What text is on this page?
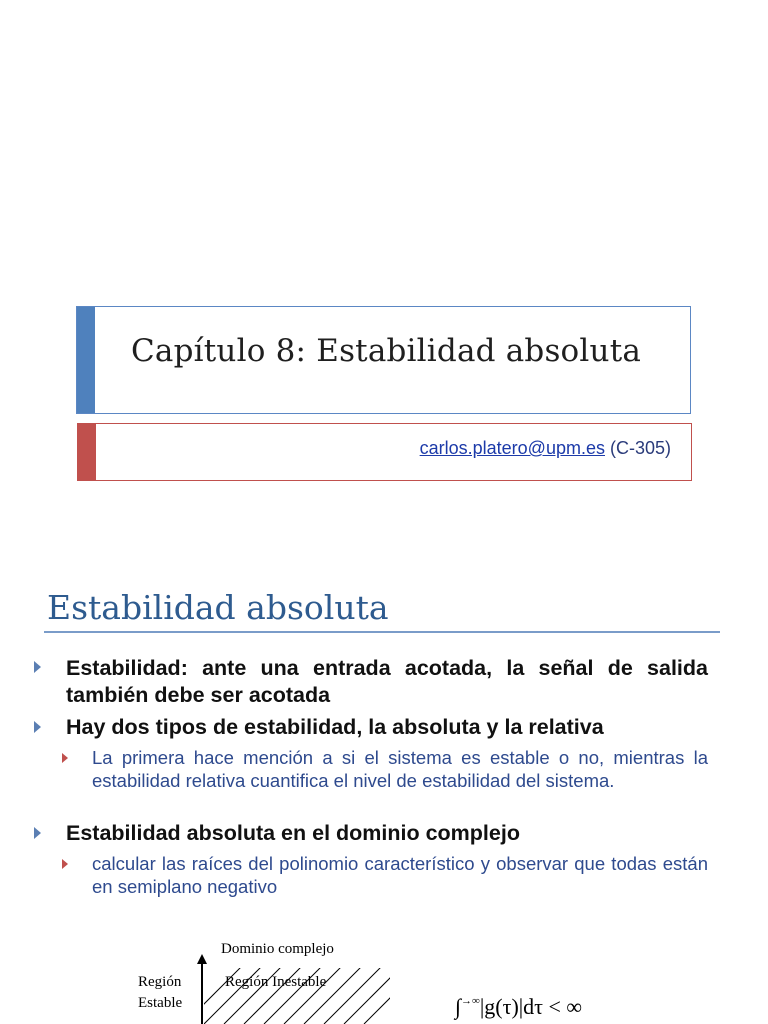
Capítulo 8: Estabilidad absoluta
carlos.platero@upm.es (C-305)
Estabilidad absoluta
Estabilidad: ante una entrada acotada, la señal de salida también debe ser acotada
Hay dos tipos de estabilidad, la absoluta y la relativa
La primera hace mención a si el sistema es estable o no, mientras la estabilidad relativa cuantifica el nivel de estabilidad del sistema.
Estabilidad absoluta en el dominio complejo
calcular las raíces del polinomio característico y observar que todas están en semiplano negativo
Dominio complejo
Región
Estable
Región Inestable
∫→∞|g(τ)|dτ < ∞
